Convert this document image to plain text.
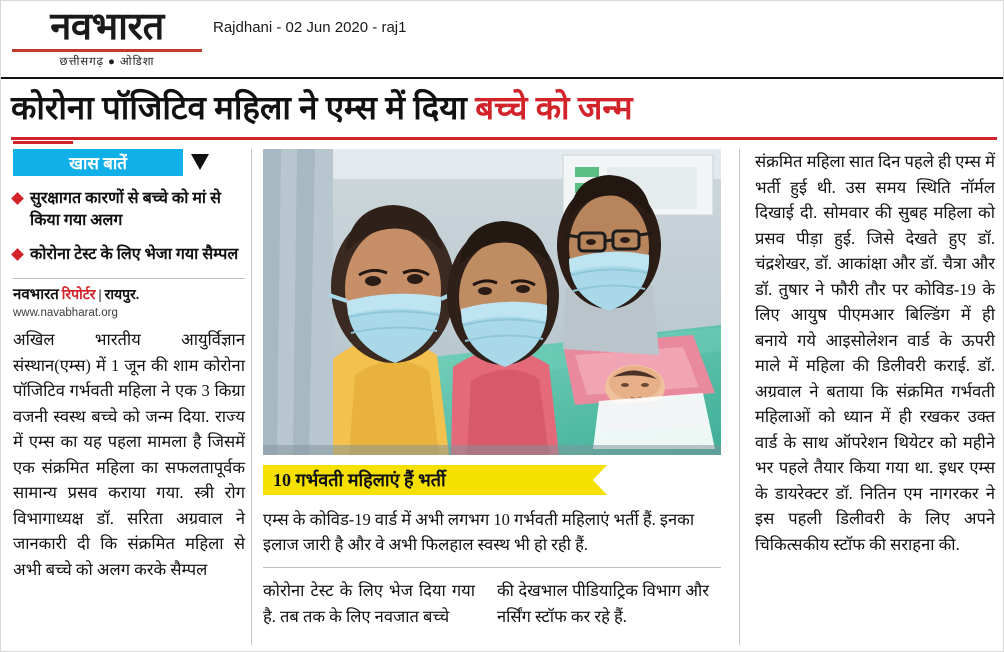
नवभारत
छत्तीसगढ़ ● ओडिशा
Rajdhani - 02 Jun 2020 - raj1
कोरोना पॉजिटिव महिला ने एम्स में दिया बच्चे को जन्म
खास बातें
सुरक्षागत कारणों से बच्चे को मां से किया गया अलग
कोरोना टेस्ट के लिए भेजा गया सैम्पल
नवभारत रिपोर्टर | रायपुर.
www.navabharat.org
अखिल भारतीय आयुर्विज्ञान संस्थान(एम्स) में 1 जून की शाम कोरोना पॉजिटिव गर्भवती महिला ने एक 3 किग्रा वजनी स्वस्थ बच्चे को जन्म दिया. राज्य में एम्स का यह पहला मामला है जिसमें एक संक्रमित महिला का सफलतापूर्वक सामान्य प्रसव कराया गया. स्त्री रोग विभागाध्यक्ष डॉ. सरिता अग्रवाल ने जानकारी दी कि संक्रमित महिला से अभी बच्चे को अलग करके सैम्पल
10 गर्भवती महिलाएं हैं भर्ती
एम्स के कोविड-19 वार्ड में अभी लगभग 10 गर्भवती महिलाएं भर्ती हैं. इनका इलाज जारी है और वे अभी फिलहाल स्वस्थ भी हो रही हैं.
कोरोना टेस्ट के लिए भेज दिया गया है. तब तक के लिए नवजात बच्चे
की देखभाल पीडियाट्रिक विभाग और नर्सिंग स्टॉफ कर रहे हैं.
संक्रमित महिला सात दिन पहले ही एम्स में भर्ती हुई थी. उस समय स्थिति नॉर्मल दिखाई दी. सोमवार की सुबह महिला को प्रसव पीड़ा हुई. जिसे देखते हुए डॉ. चंद्रशेखर, डॉ. आकांक्षा और डॉ. चैत्रा और डॉ. तुषार ने फौरी तौर पर कोविड-19 के लिए आयुष पीएमआर बिल्डिंग में ही बनाये गये आइसोलेशन वार्ड के ऊपरी माले में महिला की डिलीवरी कराई. डॉ. अग्रवाल ने बताया कि संक्रमित गर्भवती महिलाओं को ध्यान में ही रखकर उक्त वार्ड के साथ ऑपरेशन थियेटर को महीने भर पहले तैयार किया गया था. इधर एम्स के डायरेक्टर डॉ. नितिन एम नागरकर ने इस पहली डिलीवरी के लिए अपने चिकित्सकीय स्टॉफ की सराहना की.
